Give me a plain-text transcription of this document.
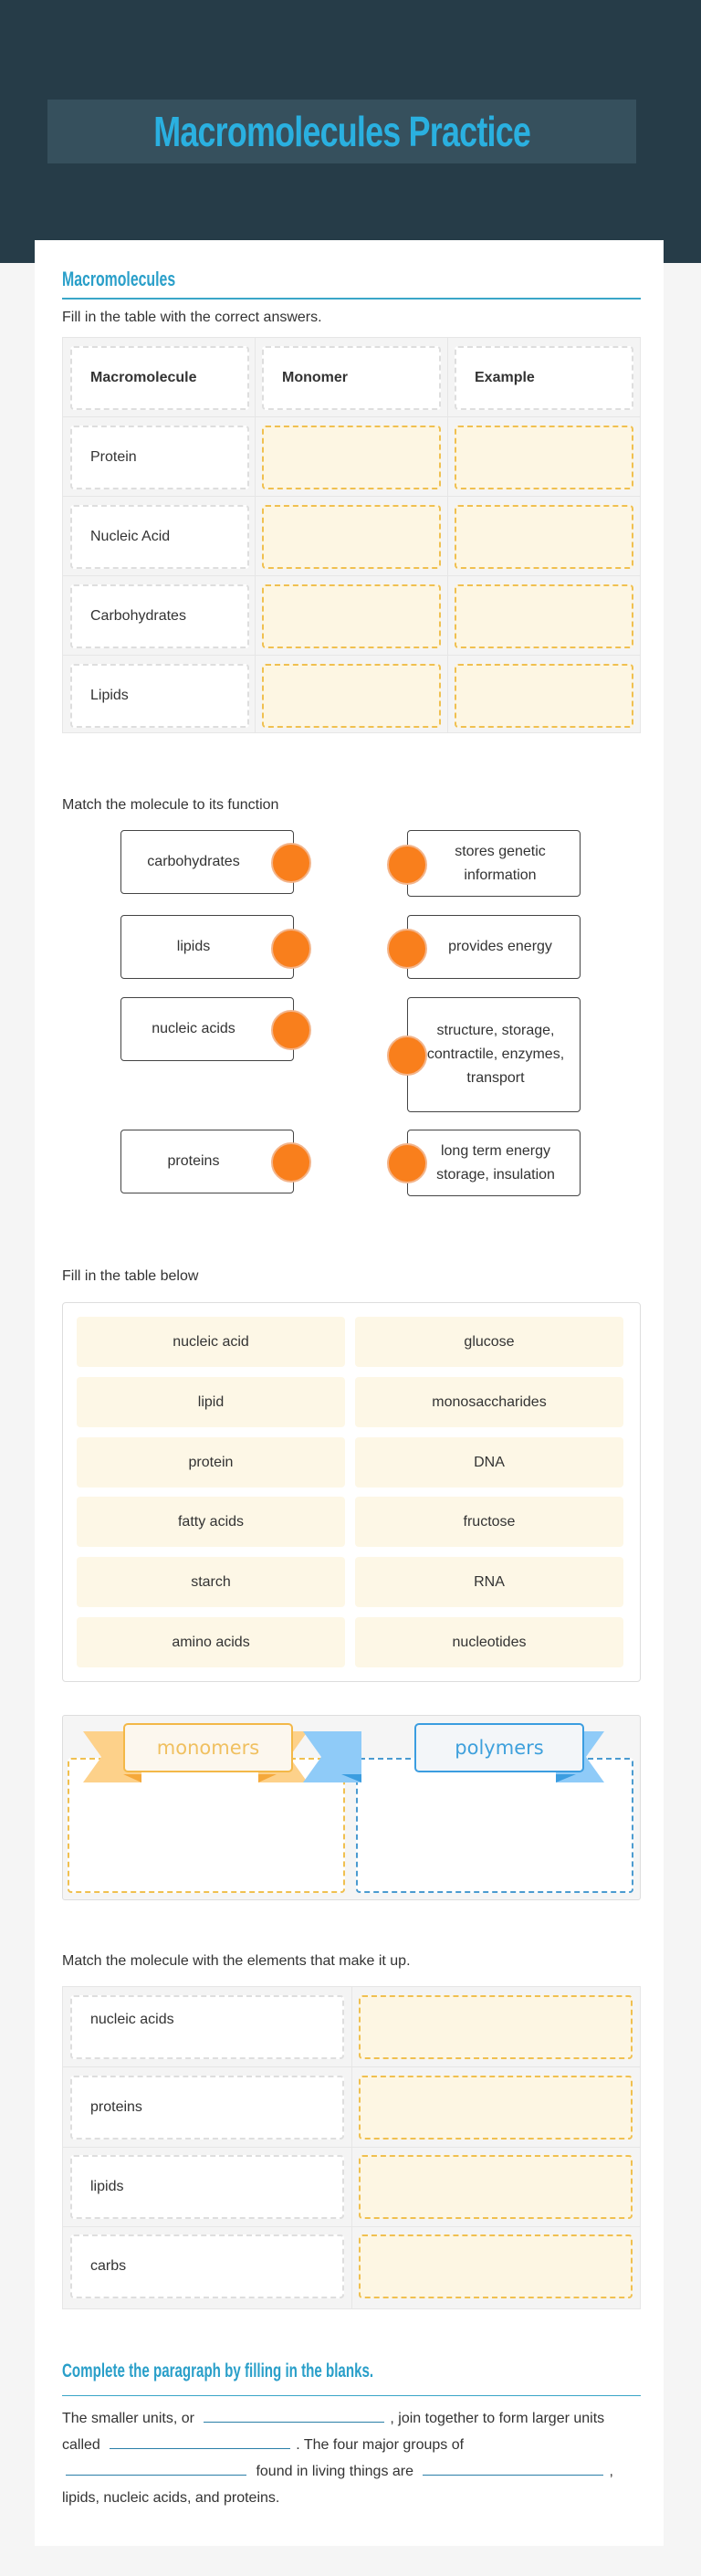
Macromolecules Practice
Macromolecules
Fill in the table with the correct answers.
Macromolecule	Monomer	Example
Protein
Nucleic Acid
Carbohydrates
Lipids
Match the molecule to its function
carbohydrates
lipids
nucleic acids
proteins
stores genetic information
provides energy
structure, storage, contractile, enzymes, transport
long term energy storage, insulation
Fill in the table below
nucleic acid	glucose
lipid	monosaccharides
protein	DNA
fatty acids	fructose
starch	RNA
amino acids	nucleotides
monomers	polymers
Match the molecule with the elements that make it up.
nucleic acids
proteins
lipids
carbs
Complete the paragraph by filling in the blanks.
The smaller units, or	, join together to form larger units called	. The four major groups of  found in living things are	, lipids, nucleic acids, and proteins.
